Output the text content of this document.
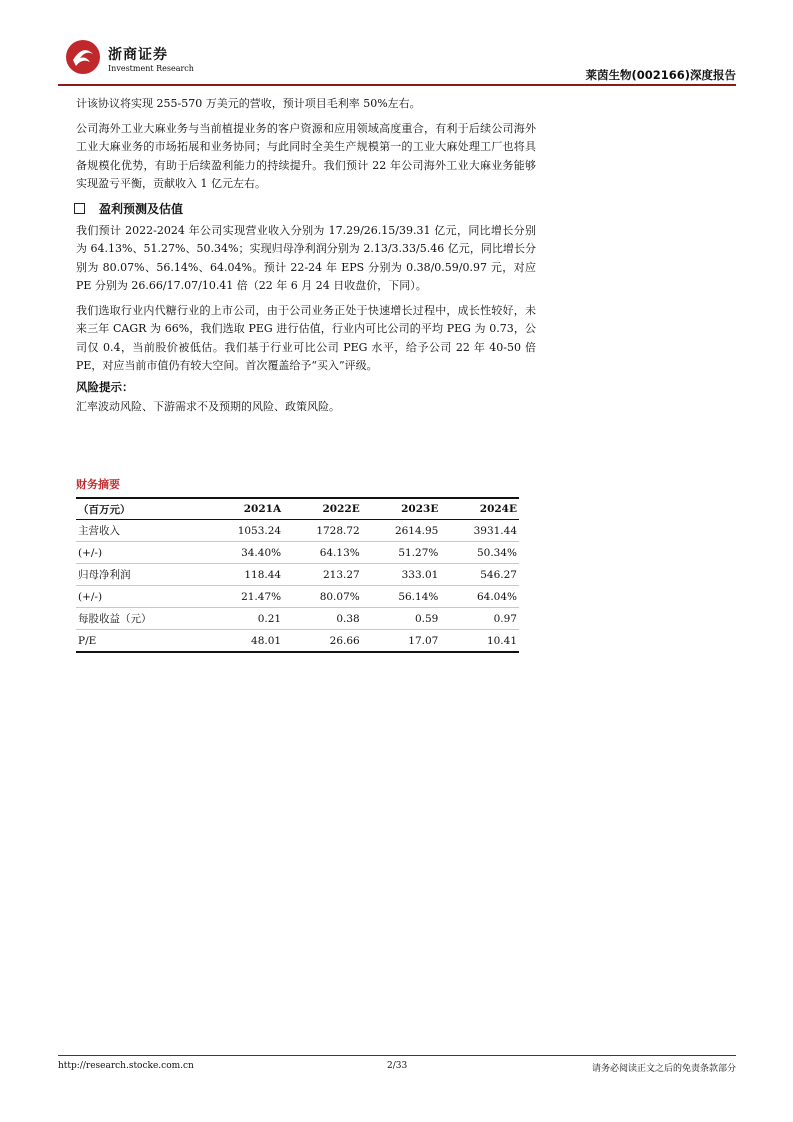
浙商证券
Investment Research	莱茵生物(002166)深度报告

计该协议将实现 255-570 万美元的营收，预计项目毛利率 50%左右。

公司海外工业大麻业务与当前植提业务的客户资源和应用领域高度重合，有利于后续公司海外工业大麻业务的市场拓展和业务协同；与此同时全美生产规模第一的工业大麻处理工厂也将具备规模化优势，有助于后续盈利能力的持续提升。我们预计 22 年公司海外工业大麻业务能够实现盈亏平衡，贡献收入 1 亿元左右。

盈利预测及估值

我们预计 2022-2024 年公司实现营业收入分别为 17.29/26.15/39.31 亿元，同比增长分别为 64.13%、51.27%、50.34%；实现归母净利润分别为 2.13/3.33/5.46 亿元，同比增长分别为 80.07%、56.14%、64.04%。预计 22-24 年 EPS 分别为 0.38/0.59/0.97 元，对应 PE 分别为 26.66/17.07/10.41 倍（22 年 6 月 24 日收盘价，下同）。

我们选取行业内代糖行业的上市公司，由于公司业务正处于快速增长过程中，成长性较好，未来三年 CAGR 为 66%，我们选取 PEG 进行估值，行业内可比公司的平均 PEG 为 0.73，公司仅 0.4，当前股价被低估。我们基于行业可比公司 PEG 水平，给予公司 22 年 40-50 倍 PE，对应当前市值仍有较大空间。首次覆盖给予“买入”评级。

风险提示：

汇率波动风险、下游需求不及预期的风险、政策风险。

财务摘要
（百万元）	2021A	2022E	2023E	2024E
主营收入	1053.24	1728.72	2614.95	3931.44
(+/-)	34.40%	64.13%	51.27%	50.34%
归母净利润	118.44	213.27	333.01	546.27
(+/-)	21.47%	80.07%	56.14%	64.04%
每股收益（元）	0.21	0.38	0.59	0.97
P/E	48.01	26.66	17.07	10.41
http://research.stocke.com.cn	2/33	请务必阅读正文之后的免责条款部分
